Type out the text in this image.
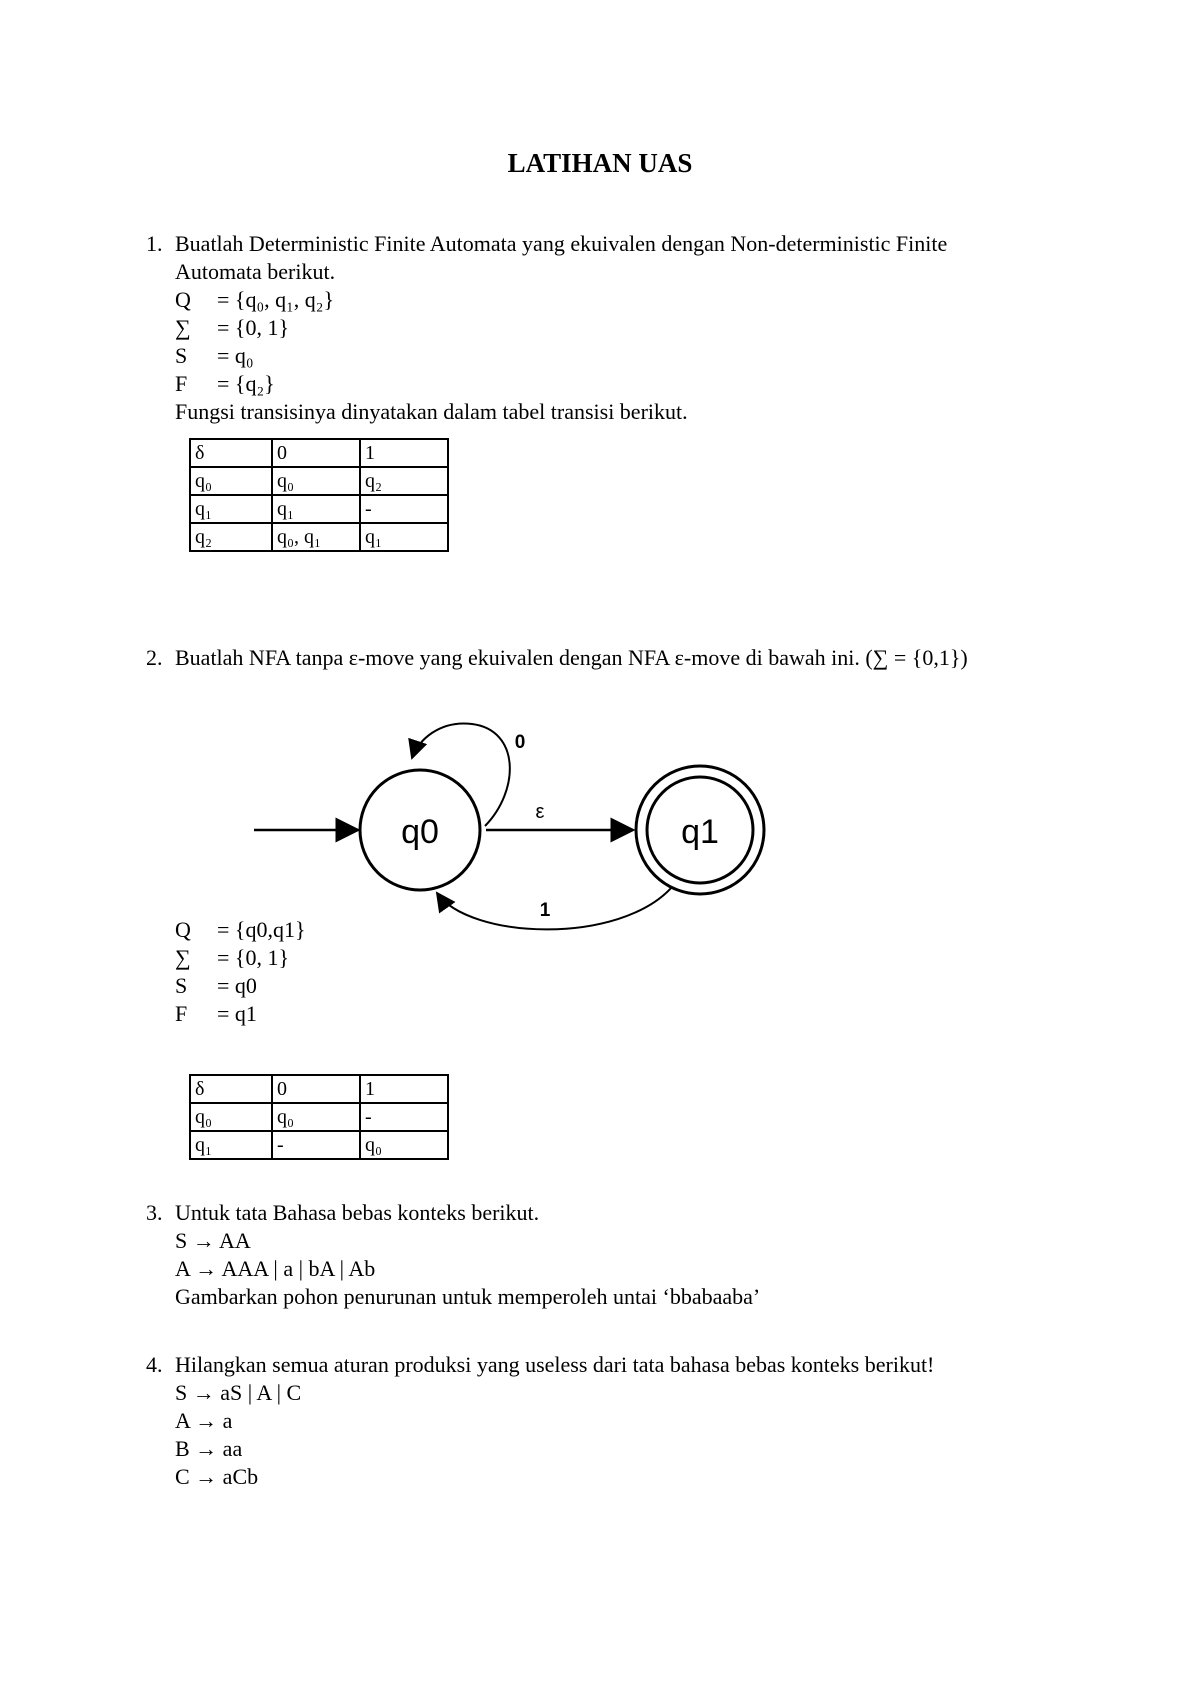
LATIHAN UAS
1. Buatlah Deterministic Finite Automata yang ekuivalen dengan Non-deterministic Finite
Automata berikut.
Q = {q₀, q₁, q₂}
∑ = {0, 1}
S = q₀
F = {q₂}
Fungsi transisinya dinyatakan dalam tabel transisi berikut.
δ	0	1
q₀	q₀	q₂
q₁	q₁	-
q₂	q₀, q₁	q₁
2. Buatlah NFA tanpa ε-move yang ekuivalen dengan NFA ε-move di bawah ini. (∑ = {0,1})
q0
0
ε
q1
1
Q = {q0,q1}
∑ = {0, 1}
S = q0
F = q1
δ	0	1
q₀	q₀	-
q₁	-	q₀
3. Untuk tata Bahasa bebas konteks berikut.
S → AA
A → AAA | a | bA | Ab
Gambarkan pohon penurunan untuk memperoleh untai ‘bbabaaba’
4. Hilangkan semua aturan produksi yang useless dari tata bahasa bebas konteks berikut!
S → aS | A | C
A → a
B → aa
C → aCb
